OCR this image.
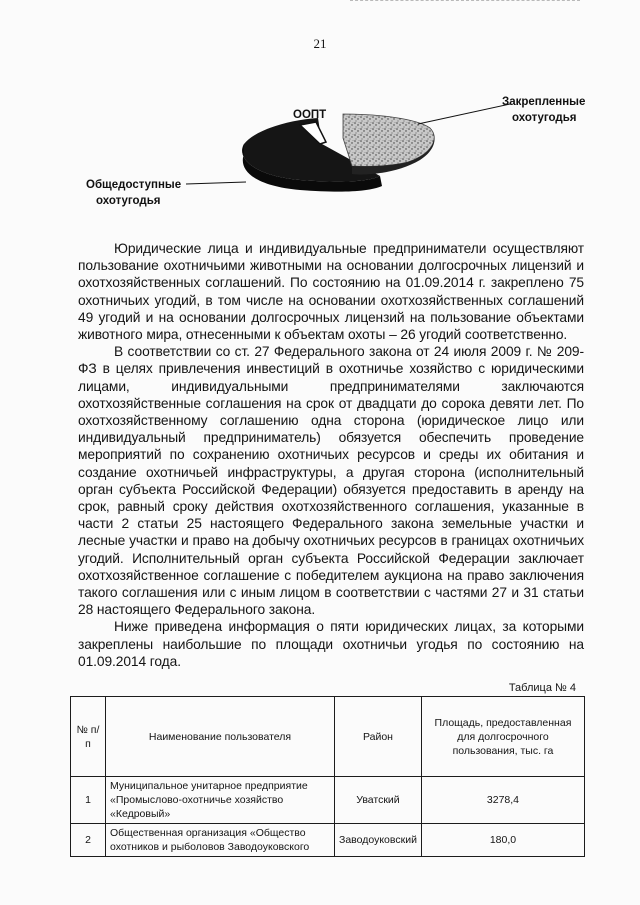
21
ООПТ
Закрепленные
охотугодья
Общедоступные
охотугодья

Юридические лица и индивидуальные предприниматели осуществляют пользование охотничьими животными на основании долгосрочных лицензий и охотхозяйственных соглашений. По состоянию на 01.09.2014 г. закреплено 75 охотничьих угодий, в том числе на основании охотхозяйственных соглашений 49 угодий и на основании долгосрочных лицензий на пользование объектами животного мира, отнесенными к объектам охоты – 26 угодий соответственно.

В соответствии со ст. 27 Федерального закона от 24 июля 2009 г. № 209-ФЗ в целях привлечения инвестиций в охотничье хозяйство с юридическими лицами, индивидуальными предпринимателями заключаются охотхозяйственные соглашения на срок от двадцати до сорока девяти лет. По охотхозяйственному соглашению одна сторона (юридическое лицо или индивидуальный предприниматель) обязуется обеспечить проведение мероприятий по сохранению охотничьих ресурсов и среды их обитания и создание охотничьей инфраструктуры, а другая сторона (исполнительный орган субъекта Российской Федерации) обязуется предоставить в аренду на срок, равный сроку действия охотхозяйственного соглашения, указанные в части 2 статьи 25 настоящего Федерального закона земельные участки и лесные участки и право на добычу охотничьих ресурсов в границах охотничьих угодий. Исполнительный орган субъекта Российской Федерации заключает охотхозяйственное соглашение с победителем аукциона на право заключения такого соглашения или с иным лицом в соответствии с частями 27 и 31 статьи 28 настоящего Федерального закона.

Ниже приведена информация о пяти юридических лицах, за которыми закреплены наибольшие по площади охотничьи угодья по состоянию на 01.09.2014 года.

Таблица № 4
№ п/п	Наименование пользователя	Район	Площадь, предоставленная для долгосрочного пользования, тыс. га
1	Муниципальное унитарное предприятие «Промыслово-охотничье хозяйство «Кедровый»	Уватский	3278,4
2	Общественная организация «Общество охотников и рыболовов Заводоуковского	Заводоуковский	180,0
